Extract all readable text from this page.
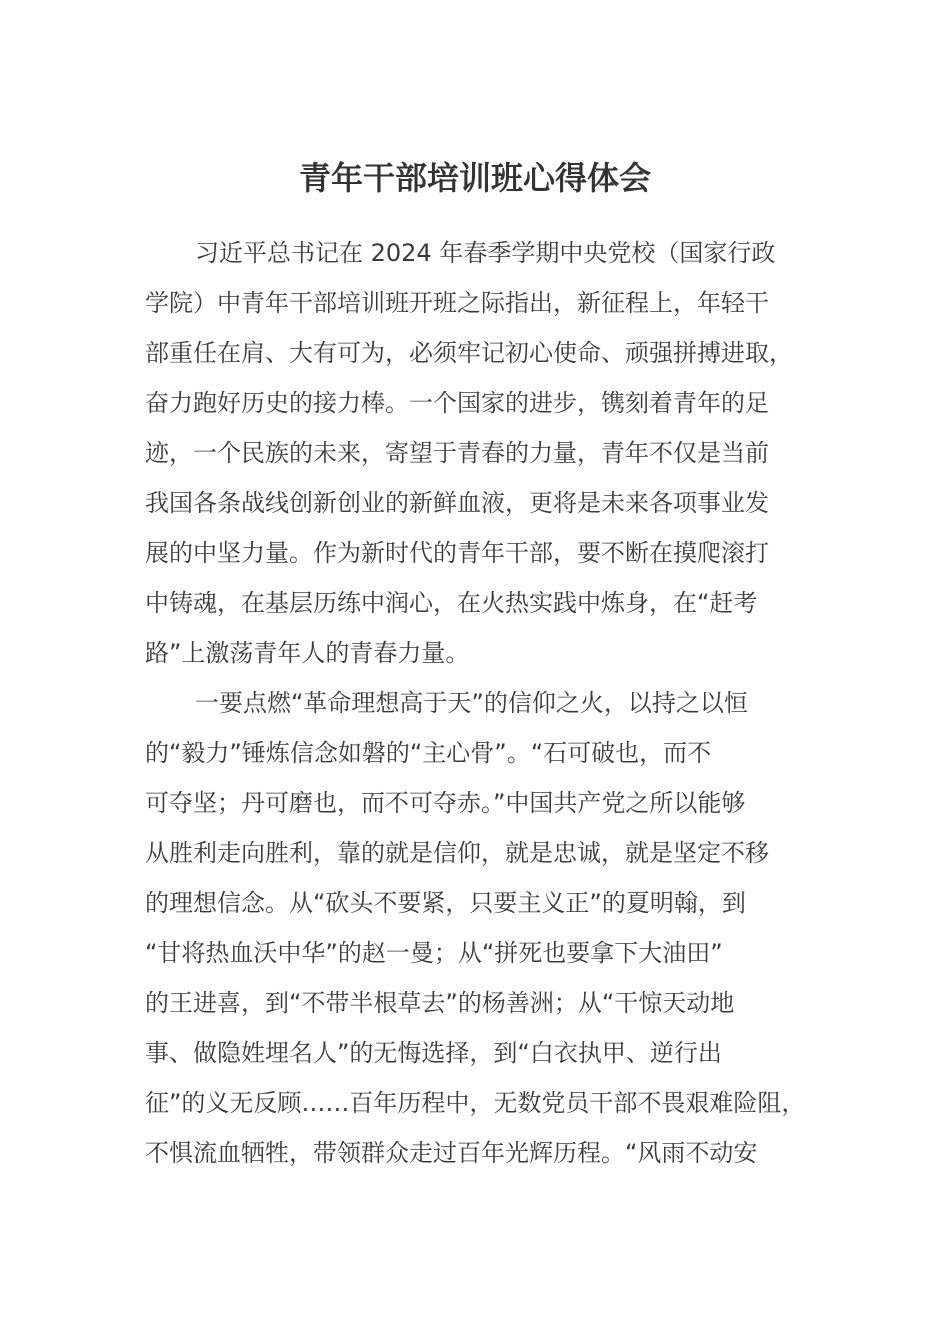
青年干部培训班心得体会
习近平总书记在 2024 年春季学期中央党校（国家行政
学院）中青年干部培训班开班之际指出，新征程上，年轻干
部重任在肩、大有可为，必须牢记初心使命、顽强拼搏进取，
奋力跑好历史的接力棒。一个国家的进步，镌刻着青年的足
迹，一个民族的未来，寄望于青春的力量，青年不仅是当前
我国各条战线创新创业的新鲜血液，更将是未来各项事业发
展的中坚力量。作为新时代的青年干部，要不断在摸爬滚打
中铸魂，在基层历练中润心，在火热实践中炼身，在“赶考
路”上激荡青年人的青春力量。
一要点燃“革命理想高于天”的信仰之火，以持之以恒
的“毅力”锤炼信念如磐的“主心骨”。“石可破也，而不
可夺坚；丹可磨也，而不可夺赤。”中国共产党之所以能够
从胜利走向胜利，靠的就是信仰，就是忠诚，就是坚定不移
的理想信念。从“砍头不要紧，只要主义正”的夏明翰，到
“甘将热血沃中华”的赵一曼；从“拼死也要拿下大油田”
的王进喜，到“不带半根草去”的杨善洲；从“干惊天动地
事、做隐姓埋名人”的无悔选择，到“白衣执甲、逆行出
征”的义无反顾……百年历程中，无数党员干部不畏艰难险阻，
不惧流血牺牲，带领群众走过百年光辉历程。“风雨不动安
